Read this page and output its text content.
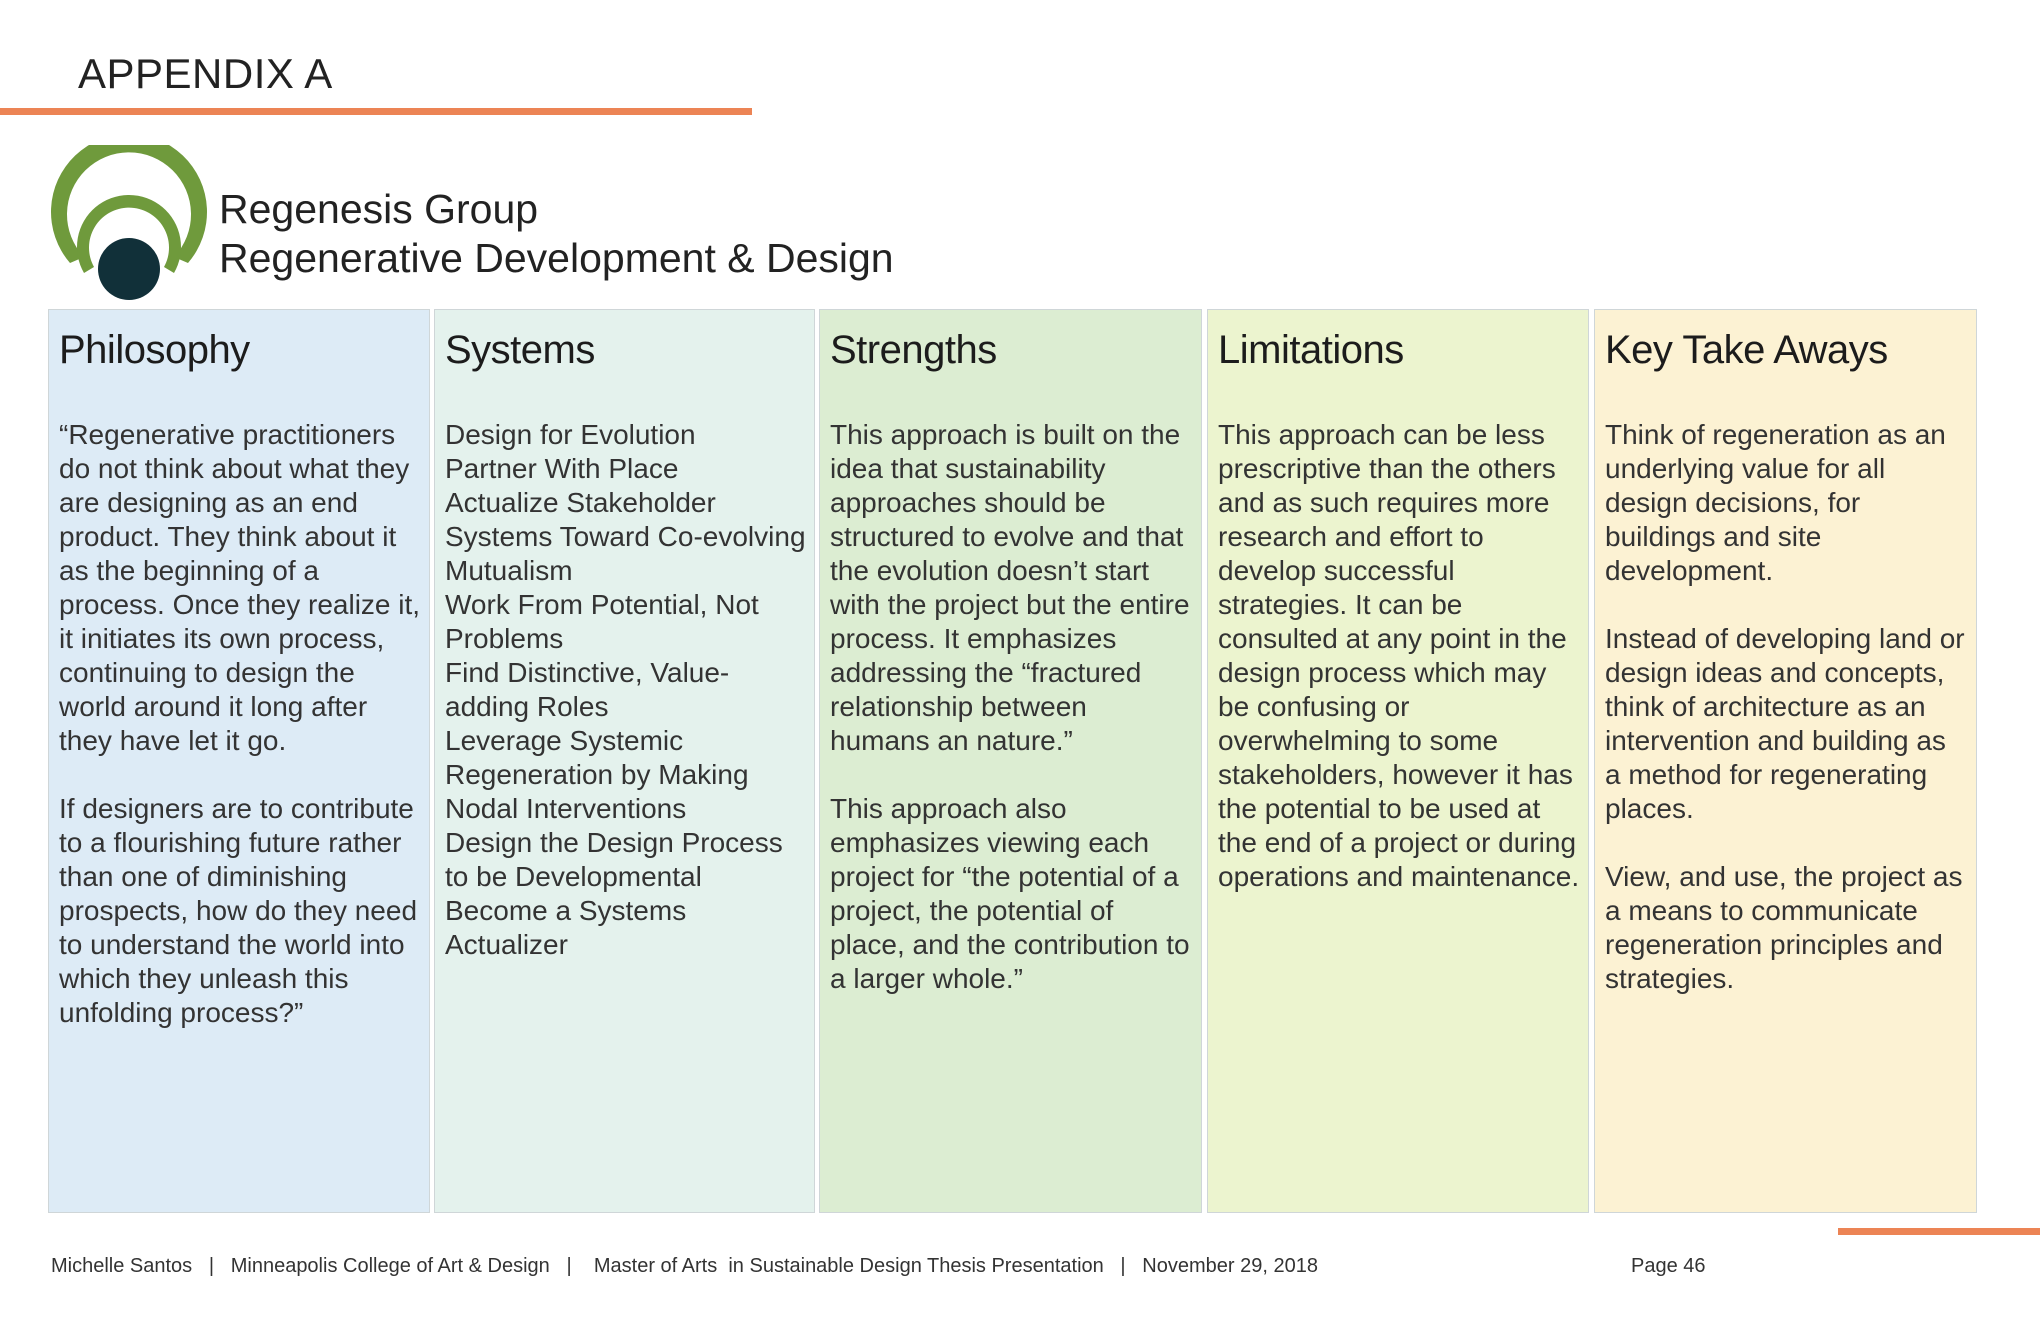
APPENDIX A
Regenesis Group
Regenerative Development & Design
Philosophy

“Regenerative practitioners do not think about what they are designing as an end product. They think about it as the beginning of a process. Once they realize it, it initiates its own process, continuing to design the world around it long after they have let it go.

If designers are to contribute to a flourishing future rather than one of diminishing prospects, how do they need to understand the world into which they unleash this unfolding process?”

Systems
Design for Evolution
Partner With Place
Actualize Stakeholder Systems Toward Co-evolving Mutualism
Work From Potential, Not Problems
Find Distinctive, Value-adding Roles
Leverage Systemic Regeneration by Making Nodal Interventions
Design the Design Process to be Developmental
Become a Systems Actualizer
Strengths

This approach is built on the idea that sustainability approaches should be structured to evolve and that the evolution doesn’t start with the project but the entire process. It emphasizes addressing the “fractured relationship between humans an nature.”

This approach also emphasizes viewing each project for “the potential of a project, the potential of place, and the contribution to a larger whole.”

Limitations

This approach can be less prescriptive than the others and as such requires more research and effort to develop successful strategies. It can be consulted at any point in the design process which may be confusing or overwhelming to some stakeholders, however it has the potential to be used at the end of a project or during operations and maintenance.

Key Take Aways

Think of regeneration as an underlying value for all design decisions, for buildings and site development.

Instead of developing land or design ideas and concepts, think of architecture as an intervention and building as a method for regenerating places.

View, and use, the project as a means to communicate regeneration principles and strategies.

Michelle Santos   |   Minneapolis College of Art & Design   |    Master of Arts  in Sustainable Design Thesis Presentation   |   November 29, 2018	Page 46
